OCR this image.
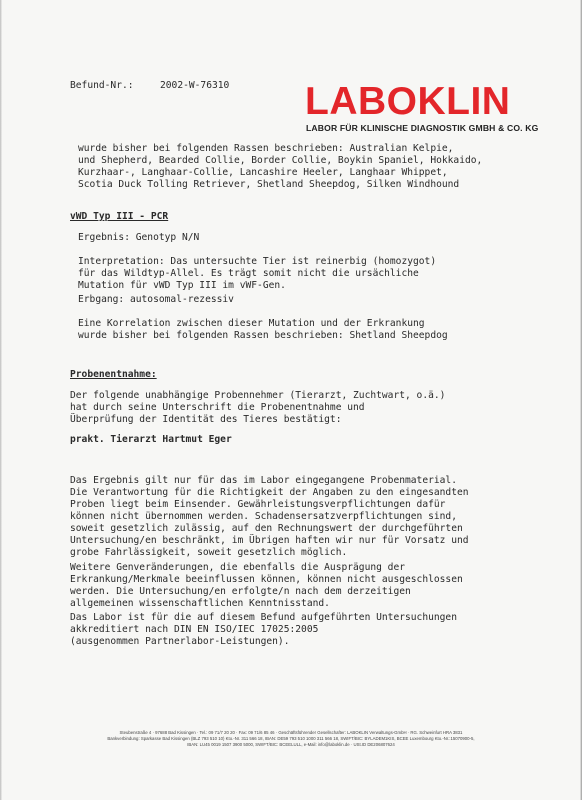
Befund-Nr.:	2002-W-76310 LABOKLIN
LABOR FÜR KLINISCHE DIAGNOSTIK GMBH & CO. KG
wurde bisher bei folgenden Rassen beschrieben: Australian Kelpie,
und Shepherd, Bearded Collie, Border Collie, Boykin Spaniel, Hokkaido,
Kurzhaar-, Langhaar-Collie, Lancashire Heeler, Langhaar Whippet,
Scotia Duck Tolling Retriever, Shetland Sheepdog, Silken Windhound
vWD Typ III - PCR
Ergebnis: Genotyp N/N
Interpretation: Das untersuchte Tier ist reinerbig (homozygot)
für das Wildtyp-Allel. Es trägt somit nicht die ursächliche
Mutation für vWD Typ III im vWF-Gen.
Erbgang: autosomal-rezessiv
Eine Korrelation zwischen dieser Mutation und der Erkrankung
wurde bisher bei folgenden Rassen beschrieben: Shetland Sheepdog
Probenentnahme:
Der folgende unabhängige Probennehmer (Tierarzt, Zuchtwart, o.ä.)
hat durch seine Unterschrift die Probenentnahme und
Überprüfung der Identität des Tieres bestätigt:
prakt. Tierarzt Hartmut Eger
Das Ergebnis gilt nur für das im Labor eingegangene Probenmaterial.
Die Verantwortung für die Richtigkeit der Angaben zu den eingesandten
Proben liegt beim Einsender. Gewährleistungsverpflichtungen dafür
können nicht übernommen werden. Schadensersatzverpflichtungen sind,
soweit gesetzlich zulässig, auf den Rechnungswert der durchgeführten
Untersuchung/en beschränkt, im Übrigen haften wir nur für Vorsatz und
grobe Fahrlässigkeit, soweit gesetzlich möglich.
Weitere Genveränderungen, die ebenfalls die Ausprägung der
Erkrankung/Merkmale beeinflussen können, können nicht ausgeschlossen
werden. Die Untersuchung/en erfolgte/n nach dem derzeitigen
allgemeinen wissenschaftlichen Kenntnisstand.
Das Labor ist für die auf diesem Befund aufgeführten Untersuchungen
akkreditiert nach DIN EN ISO/IEC 17025:2005
(ausgenommen Partnerlabor-Leistungen).
Steubenstraße 4 · 97688 Bad Kissingen · Tel.: 09 71/7 20 20 · Fax: 09 71/6 85 46 · Geschäftsführender Gesellschafter: LABOKLIN Verwaltungs-GmbH · RG. Schweinfurt HRA 3831
Bankverbindung: Sparkasse Bad Kissingen (BLZ 793 510 10) Kto.-Nr. 311 566 18, IBAN: DE59 793 510 1000 311 566 18, SWIFT/BIC: BYLADEM1KIS, BCEE Luxembourg Kto.-Nr.:15070900-5,
IBAN: LU45 0019 1507 3900 5000, SWIFT/BIC: BCEELULL, e-Mail: info@laboklin.de · USt.ID DE206807624
